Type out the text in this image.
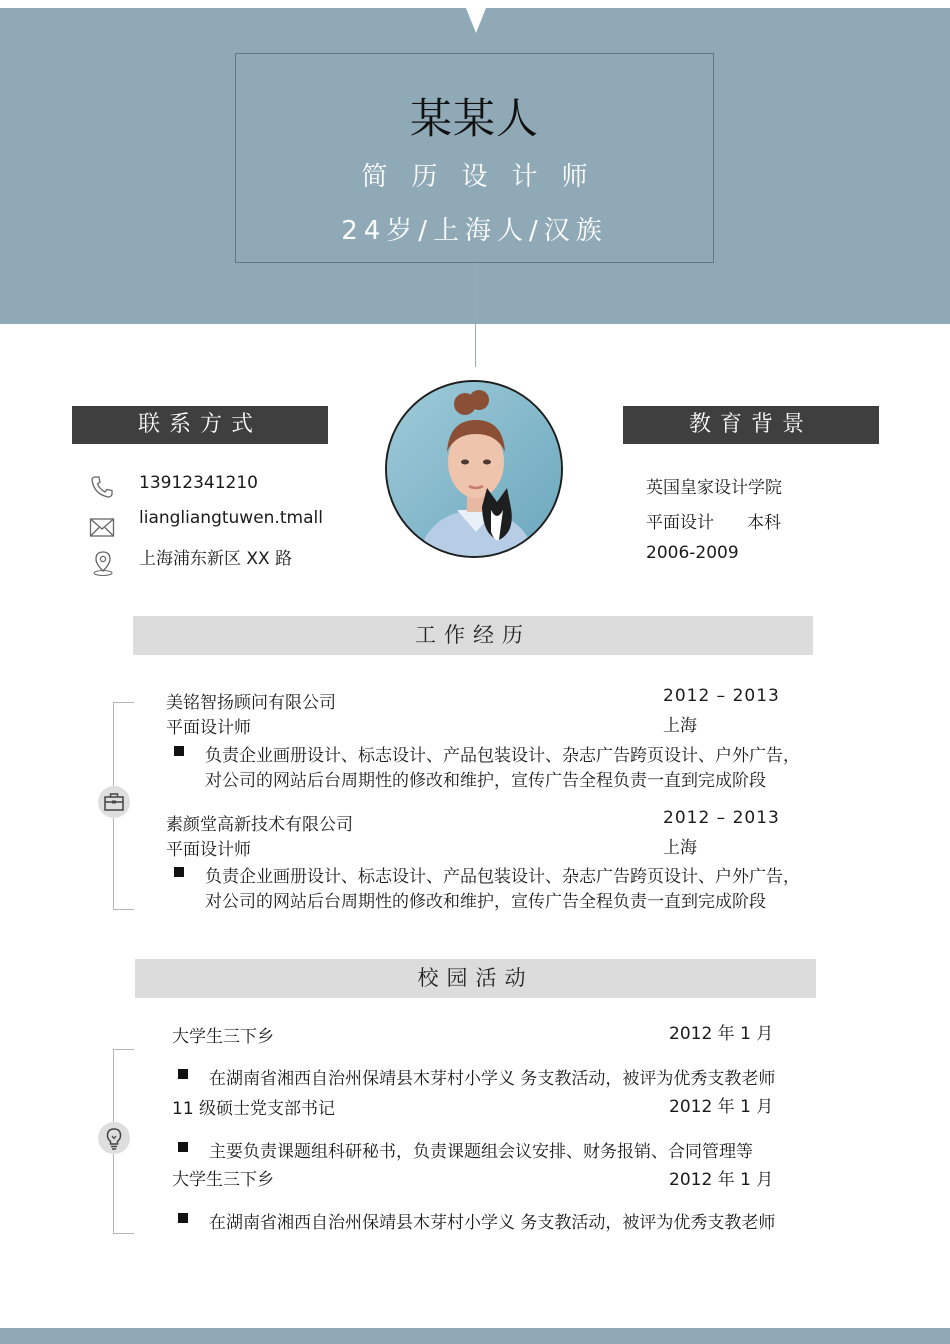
某某人
简历设计师
24岁/上海人/汉族
联系方式
13912341210
liangliangtuwen.tmall
上海浦东新区 XX 路
教育背景
英国皇家设计学院
平面设计 本科
2006-2009
工作经历
美铭智扬顾问有限公司	2012 – 2013
平面设计师	上海
负责企业画册设计、标志设计、产品包装设计、杂志广告跨页设计、户外广告，
对公司的网站后台周期性的修改和维护，宣传广告全程负责一直到完成阶段
素颜堂高新技术有限公司	2012 – 2013
平面设计师	上海
负责企业画册设计、标志设计、产品包装设计、杂志广告跨页设计、户外广告，
对公司的网站后台周期性的修改和维护，宣传广告全程负责一直到完成阶段
校园活动
大学生三下乡	2012 年 1 月
在湖南省湘西自治州保靖县木芽村小学义 务支教活动，被评为优秀支教老师
11 级硕士党支部书记	2012 年 1 月
主要负责课题组科研秘书，负责课题组会议安排、财务报销、合同管理等
大学生三下乡	2012 年 1 月
在湖南省湘西自治州保靖县木芽村小学义 务支教活动，被评为优秀支教老师
